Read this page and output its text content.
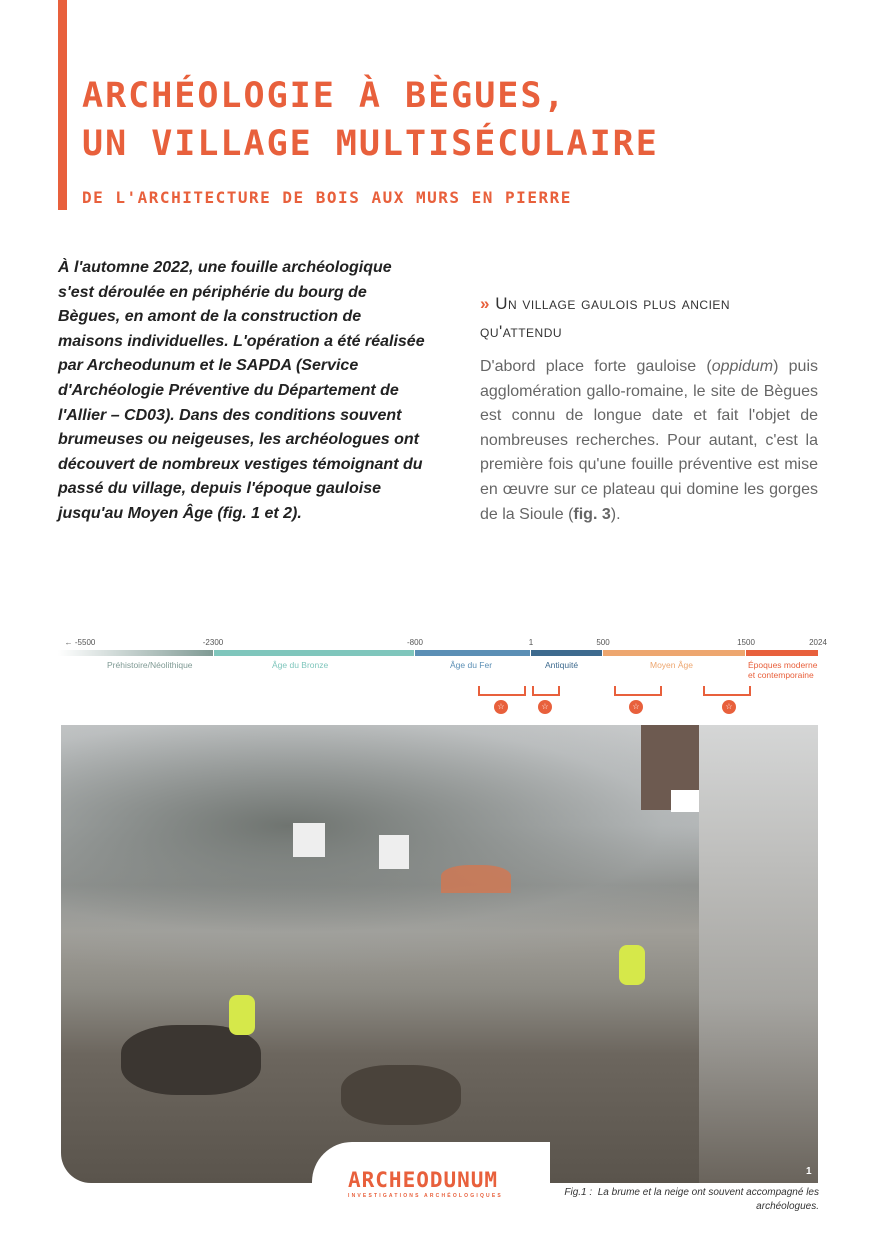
ARCHÉOLOGIE À BÈGUES,
UN VILLAGE MULTISÉCULAIRE
DE L'ARCHITECTURE DE BOIS AUX MURS EN PIERRE
À l'automne 2022, une fouille archéologique s'est déroulée en périphérie du bourg de Bègues, en amont de la construction de maisons individuelles. L'opération a été réalisée par Archeodunum et le SAPDA (Service d'Archéologie Préventive du Département de l'Allier – CD03). Dans des conditions souvent brumeuses ou neigeuses, les archéologues ont découvert de nombreux vestiges témoignant du passé du village, depuis l'époque gauloise jusqu'au Moyen Âge (fig. 1 et 2).
» Un village gaulois plus ancien qu'attendu
D'abord place forte gauloise (oppidum) puis agglomération gallo-romaine, le site de Bègues est connu de longue date et fait l'objet de nombreuses recherches. Pour autant, c'est la première fois qu'une fouille préventive est mise en œuvre sur ce plateau qui domine les gorges de la Sioule (fig. 3).
← -5500	-2300	-800	1	500	1500	2024
Préhistoire/Néolithique	Âge du Bronze	Âge du Fer	Antiquité	Moyen Âge	Époques moderne et contemporaine
☆	☆	☆	☆
1
ARCHEODUNUM
INVESTIGATIONS ARCHÉOLOGIQUES	Fig.1 : La brume et la neige ont souvent accompagné les archéologues.
